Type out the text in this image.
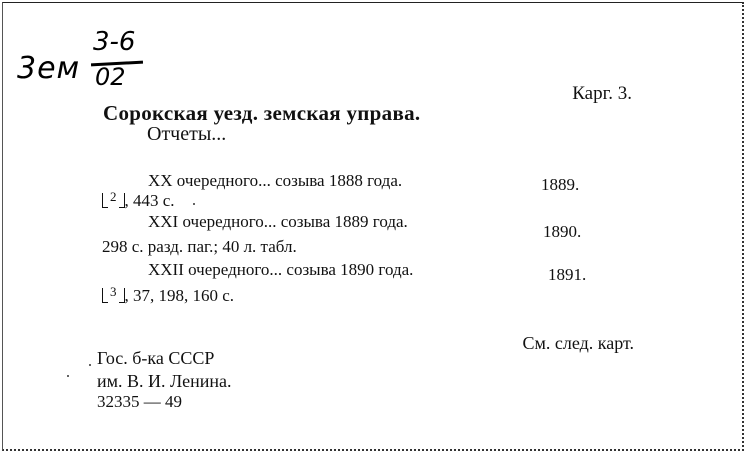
3eм
3-6
02
Карг. 3.
Сорокская уезд. земская управа.
Отчеты...
XX очередного... созыва 1888 года.	1889.
$^2$ , 443 с.
XXI очередного... созыва 1889 года.
1890.
298 с. разд. паг.; 40 л. табл.
XXII очередного... созыва 1890 года.	1891.
$^3$ , 37, 198, 160 с.
См. след. карт.
Гос. б-ка СССР
им. В. И. Ленина.
32335 — 49
